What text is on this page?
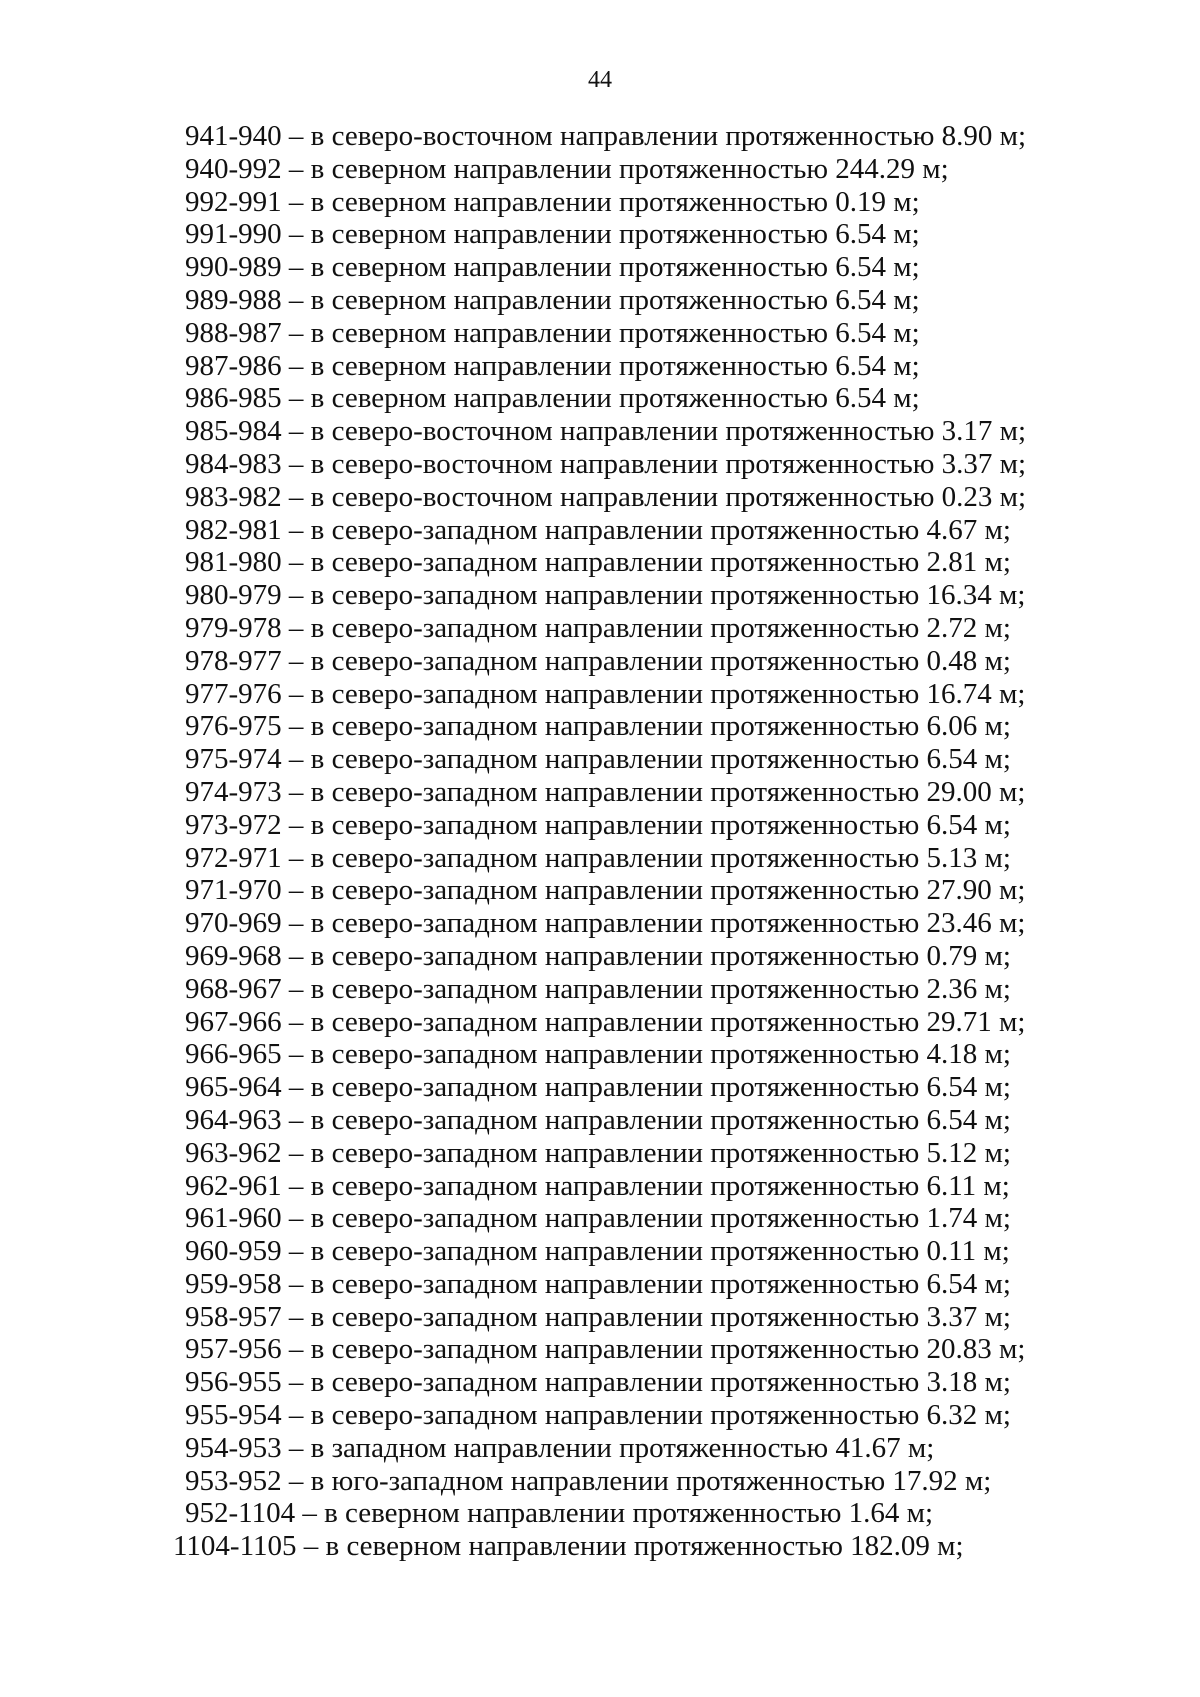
44
941-940 – в северо-восточном направлении протяженностью 8.90 м;
940-992 – в северном направлении протяженностью 244.29 м;
992-991 – в северном направлении протяженностью 0.19 м;
991-990 – в северном направлении протяженностью 6.54 м;
990-989 – в северном направлении протяженностью 6.54 м;
989-988 – в северном направлении протяженностью 6.54 м;
988-987 – в северном направлении протяженностью 6.54 м;
987-986 – в северном направлении протяженностью 6.54 м;
986-985 – в северном направлении протяженностью 6.54 м;
985-984 – в северо-восточном направлении протяженностью 3.17 м;
984-983 – в северо-восточном направлении протяженностью 3.37 м;
983-982 – в северо-восточном направлении протяженностью 0.23 м;
982-981 – в северо-западном направлении протяженностью 4.67 м;
981-980 – в северо-западном направлении протяженностью 2.81 м;
980-979 – в северо-западном направлении протяженностью 16.34 м;
979-978 – в северо-западном направлении протяженностью 2.72 м;
978-977 – в северо-западном направлении протяженностью 0.48 м;
977-976 – в северо-западном направлении протяженностью 16.74 м;
976-975 – в северо-западном направлении протяженностью 6.06 м;
975-974 – в северо-западном направлении протяженностью 6.54 м;
974-973 – в северо-западном направлении протяженностью 29.00 м;
973-972 – в северо-западном направлении протяженностью 6.54 м;
972-971 – в северо-западном направлении протяженностью 5.13 м;
971-970 – в северо-западном направлении протяженностью 27.90 м;
970-969 – в северо-западном направлении протяженностью 23.46 м;
969-968 – в северо-западном направлении протяженностью 0.79 м;
968-967 – в северо-западном направлении протяженностью 2.36 м;
967-966 – в северо-западном направлении протяженностью 29.71 м;
966-965 – в северо-западном направлении протяженностью 4.18 м;
965-964 – в северо-западном направлении протяженностью 6.54 м;
964-963 – в северо-западном направлении протяженностью 6.54 м;
963-962 – в северо-западном направлении протяженностью 5.12 м;
962-961 – в северо-западном направлении протяженностью 6.11 м;
961-960 – в северо-западном направлении протяженностью 1.74 м;
960-959 – в северо-западном направлении протяженностью 0.11 м;
959-958 – в северо-западном направлении протяженностью 6.54 м;
958-957 – в северо-западном направлении протяженностью 3.37 м;
957-956 – в северо-западном направлении протяженностью 20.83 м;
956-955 – в северо-западном направлении протяженностью 3.18 м;
955-954 – в северо-западном направлении протяженностью 6.32 м;
954-953 – в западном направлении протяженностью 41.67 м;
953-952 – в юго-западном направлении протяженностью 17.92 м;
952-1104 – в северном направлении протяженностью 1.64 м;
1104-1105 – в северном направлении протяженностью 182.09 м;
